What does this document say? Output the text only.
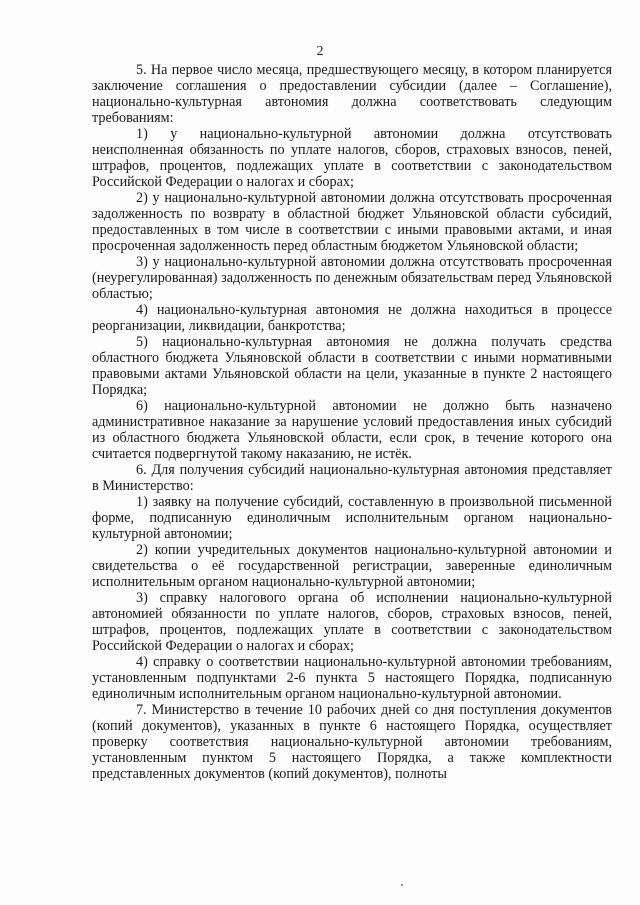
2

5. На первое число месяца, предшествующего месяцу, в котором планируется заключение соглашения о предоставлении субсидии (далее – Соглашение), национально-культурная автономия должна соответствовать следующим требованиям:

1) у национально-культурной автономии должна отсутствовать неисполненная обязанность по уплате налогов, сборов, страховых взносов, пеней, штрафов, процентов, подлежащих уплате в соответствии с законодательством Российской Федерации о налогах и сборах;

2) у национально-культурной автономии должна отсутствовать просроченная задолженность по возврату в областной бюджет Ульяновской области субсидий, предоставленных в том числе в соответствии с иными правовыми актами, и иная просроченная задолженность перед областным бюджетом Ульяновской области;

3) у национально-культурной автономии должна отсутствовать просроченная (неурегулированная) задолженность по денежным обязательствам перед Ульяновской областью;

4) национально-культурная автономия не должна находиться в процессе реорганизации, ликвидации, банкротства;

5) национально-культурная автономия не должна получать средства областного бюджета Ульяновской области в соответствии с иными нормативными правовыми актами Ульяновской области на цели, указанные в пункте 2 настоящего Порядка;

6) национально-культурной автономии не должно быть назначено административное наказание за нарушение условий предоставления иных субсидий из областного бюджета Ульяновской области, если срок, в течение которого она считается подвергнутой такому наказанию, не истёк.

6. Для получения субсидий национально-культурная автономия представляет в Министерство:

1) заявку на получение субсидий, составленную в произвольной письменной форме, подписанную единоличным исполнительным органом национально-культурной автономии;

2) копии учредительных документов национально-культурной автономии и свидетельства о её государственной регистрации, заверенные единоличным исполнительным органом национально-культурной автономии;

3) справку налогового органа об исполнении национально-культурной автономией обязанности по уплате налогов, сборов, страховых взносов, пеней, штрафов, процентов, подлежащих уплате в соответствии с законодательством Российской Федерации о налогах и сборах;

4) справку о соответствии национально-культурной автономии требованиям, установленным подпунктами 2-6 пункта 5 настоящего Порядка, подписанную единоличным исполнительным органом национально-культурной автономии.

7. Министерство в течение 10 рабочих дней со дня поступления документов (копий документов), указанных в пункте 6 настоящего Порядка, осуществляет проверку соответствия национально-культурной автономии требованиям, установленным пунктом 5 настоящего Порядка, а также комплектности представленных документов (копий документов), полноты
